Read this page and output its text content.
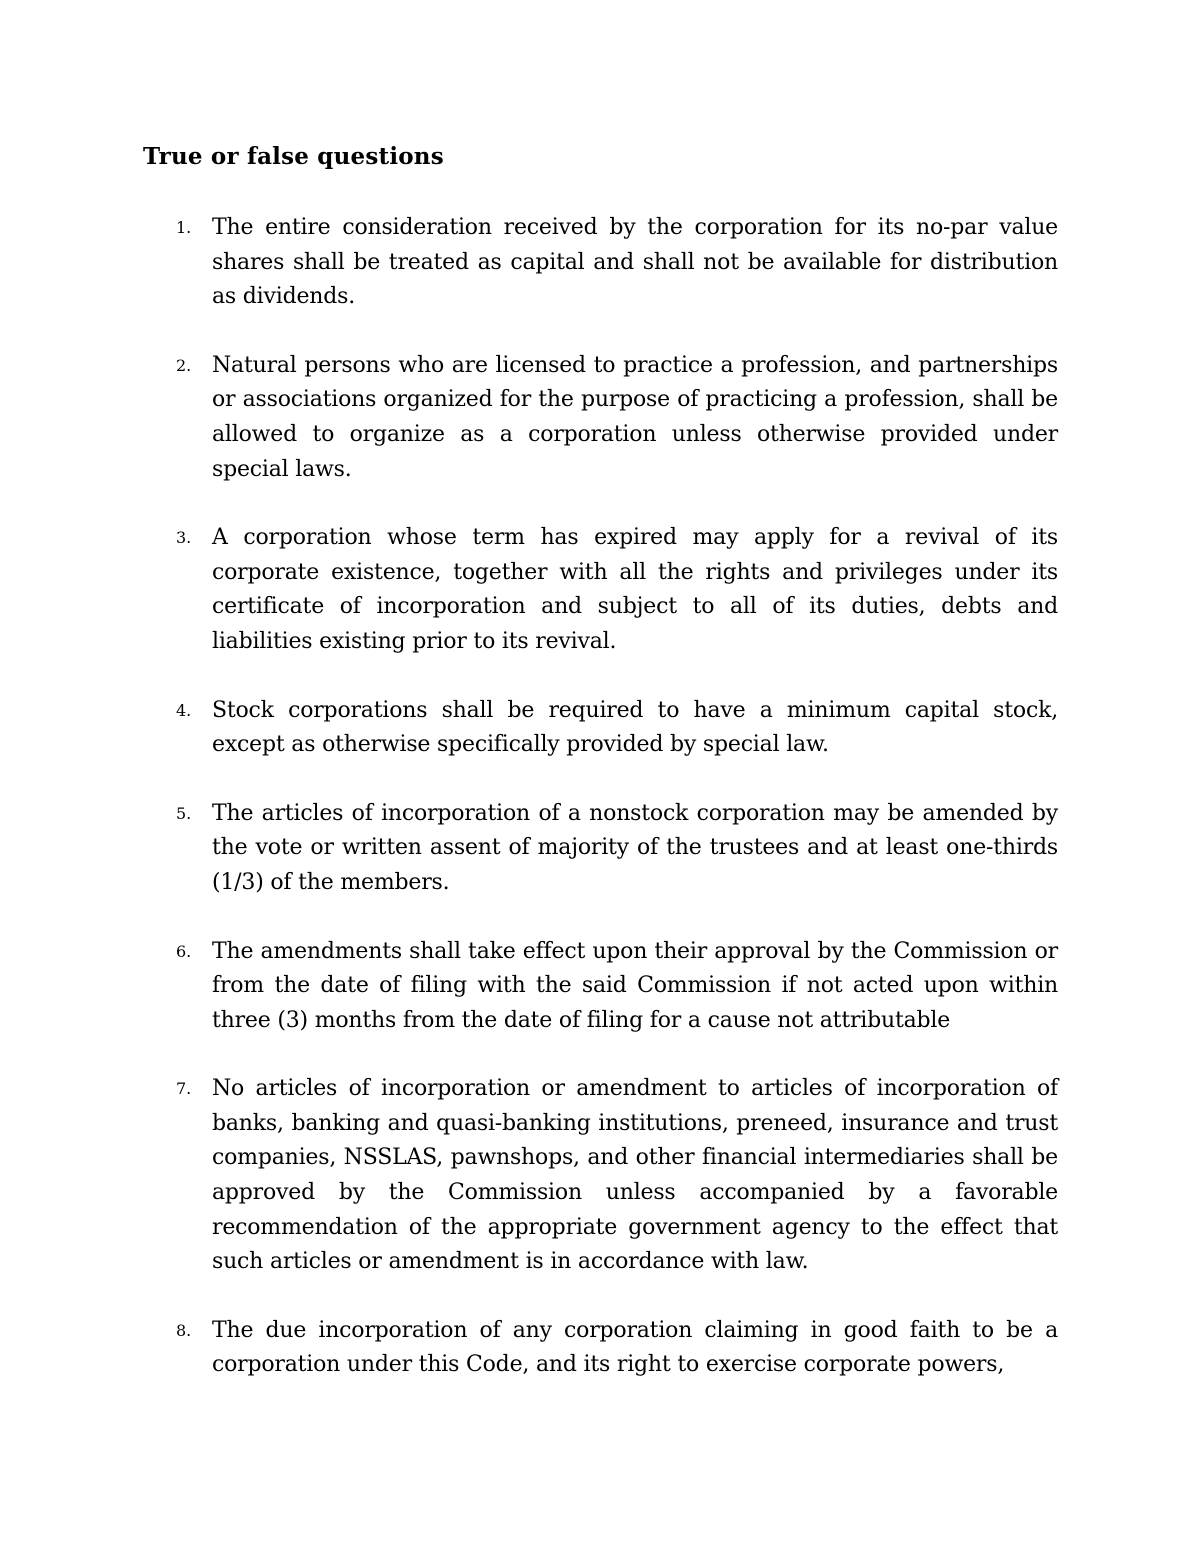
True or false questions
1. The entire consideration received by the corporation for its no-par value shares shall be treated as capital and shall not be available for distribution as dividends.
2. Natural persons who are licensed to practice a profession, and partnerships or associations organized for the purpose of practicing a profession, shall be allowed to organize as a corporation unless otherwise provided under special laws.
3. A corporation whose term has expired may apply for a revival of its corporate existence, together with all the rights and privileges under its certificate of incorporation and subject to all of its duties, debts and liabilities existing prior to its revival.
4. Stock corporations shall be required to have a minimum capital stock, except as otherwise specifically provided by special law.
5. The articles of incorporation of a nonstock corporation may be amended by the vote or written assent of majority of the trustees and at least one-thirds (1/3) of the members.
6. The amendments shall take effect upon their approval by the Commission or from the date of filing with the said Commission if not acted upon within three (3) months from the date of filing for a cause not attributable
7. No articles of incorporation or amendment to articles of incorporation of banks, banking and quasi-banking institutions, preneed, insurance and trust companies, NSSLAS, pawnshops, and other financial intermediaries shall be approved by the Commission unless accompanied by a favorable recommendation of the appropriate government agency to the effect that such articles or amendment is in accordance with law.
8. The due incorporation of any corporation claiming in good faith to be a corporation under this Code, and its right to exercise corporate powers,
